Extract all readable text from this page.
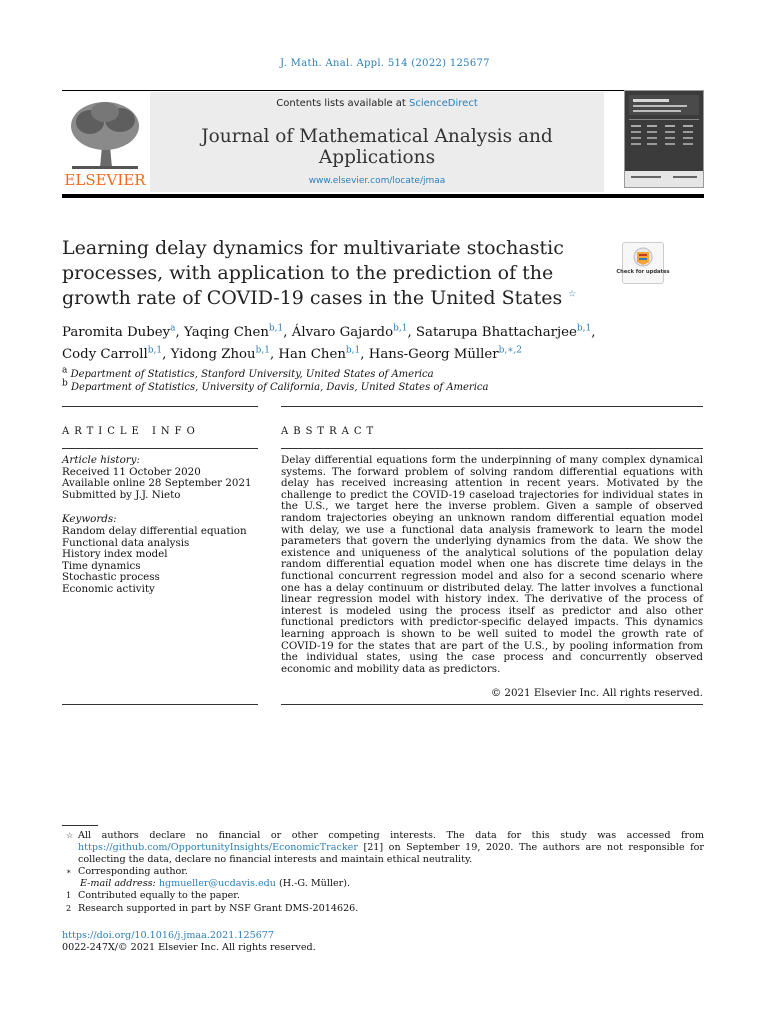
J. Math. Anal. Appl. 514 (2022) 125677
ELSEVIER
Contents lists available at ScienceDirect
Journal of Mathematical Analysis and Applications
www.elsevier.com/locate/jmaa
Learning delay dynamics for multivariate stochastic processes, with application to the prediction of the growth rate of COVID-19 cases in the United States ☆
Check for updates
Paromita Dubey$^a$, Yaqing Chen$^{b,1}$, Álvaro Gajardo$^{b,1}$, Satarupa Bhattacharjee$^{b,1}$,
Cody Carroll$^{b,1}$, Yidong Zhou$^{b,1}$, Han Chen$^{b,1}$, Hans-Georg Müller$^{b,∗,2}$
$^a$ Department of Statistics, Stanford University, United States of America
$^b$ Department of Statistics, University of California, Davis, United States of America
ARTICLE INFO	ABSTRACT
Article history:
Received 11 October 2020
Available online 28 September 2021
Submitted by J.J. Nieto
Keywords:
Random delay differential equation
Functional data analysis
History index model
Time dynamics
Stochastic process
Economic activity
Delay differential equations form the underpinning of many complex dynamical systems. The forward problem of solving random differential equations with delay has received increasing attention in recent years. Motivated by the challenge to predict the COVID-19 caseload trajectories for individual states in the U.S., we target here the inverse problem. Given a sample of observed random trajectories obeying an unknown random differential equation model with delay, we use a functional data analysis framework to learn the model parameters that govern the underlying dynamics from the data. We show the existence and uniqueness of the analytical solutions of the population delay random differential equation model when one has discrete time delays in the functional concurrent regression model and also for a second scenario where one has a delay continuum or distributed delay. The latter involves a functional linear regression model with history index. The derivative of the process of interest is modeled using the process itself as predictor and also other functional predictors with predictor-specific delayed impacts. This dynamics learning approach is shown to be well suited to model the growth rate of COVID-19 for the states that are part of the U.S., by pooling information from the individual states, using the case process and concurrently observed economic and mobility data as predictors.
© 2021 Elsevier Inc. All rights reserved.
☆ All authors declare no financial or other competing interests. The data for this study was accessed from https://github.com/OpportunityInsights/EconomicTracker [21] on September 19, 2020. The authors are not responsible for collecting the data, declare no financial interests and maintain ethical neutrality.
∗ Corresponding author.
E-mail address: hgmueller@ucdavis.edu (H.-G. Müller).
1 Contributed equally to the paper.
2 Research supported in part by NSF Grant DMS-2014626.
https://doi.org/10.1016/j.jmaa.2021.125677
0022-247X/© 2021 Elsevier Inc. All rights reserved.
